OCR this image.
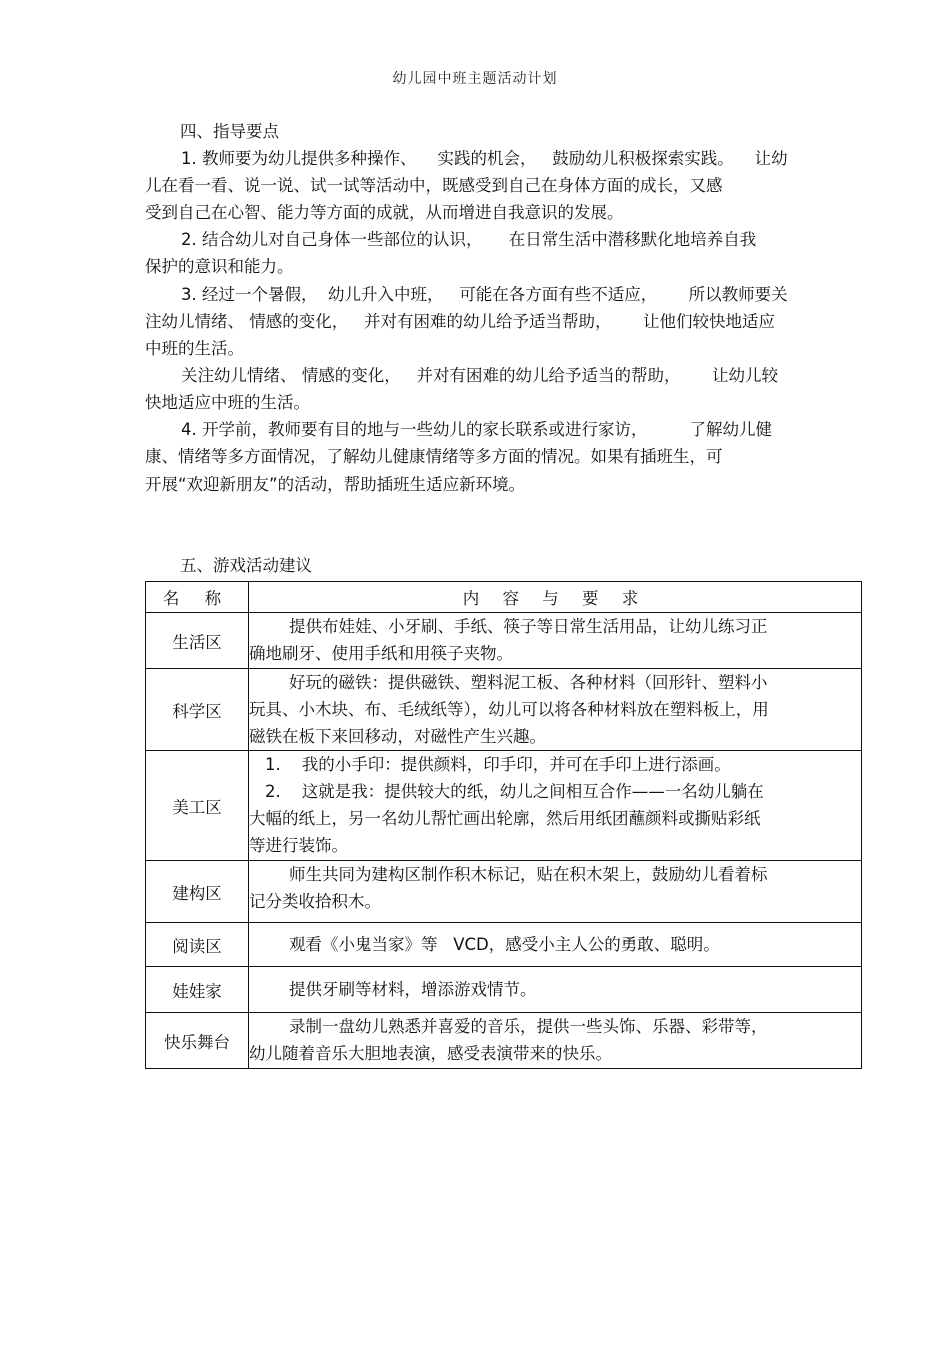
幼儿园中班主题活动计划
四、指导要点
1. 教师要为幼儿提供多种操作、    实践的机会，   鼓励幼儿积极探索实践。    让幼
儿在看一看、说一说、试一试等活动中，既感受到自己在身体方面的成长，又感
受到自己在心智、能力等方面的成就，从而增进自我意识的发展。
2. 结合幼儿对自己身体一些部位的认识，     在日常生活中潜移默化地培养自我
保护的意识和能力。
3. 经过一个暑假，  幼儿升入中班，   可能在各方面有些不适应，      所以教师要关
注幼儿情绪、 情感的变化，   并对有困难的幼儿给予适当帮助，      让他们较快地适应
中班的生活。
关注幼儿情绪、 情感的变化，   并对有困难的幼儿给予适当的帮助，      让幼儿较
快地适应中班的生活。
4. 开学前，教师要有目的地与一些幼儿的家长联系或进行家访，        了解幼儿健
康、情绪等多方面情况，了解幼儿健康情绪等多方面的情况。如果有插班生，可
开展“欢迎新朋友”的活动，帮助插班生适应新环境。
五、游戏活动建议
名 称	内 容 与 要 求
生活区	提供布娃娃、小牙刷、手纸、筷子等日常生活用品，让幼儿练习正
确地刷牙、使用手纸和用筷子夹物。

科学区	好玩的磁铁：提供磁铁、塑料泥工板、各种材料（回形针、塑料小
玩具、小木块、布、毛绒纸等），幼儿可以将各种材料放在塑料板上，用
磁铁在板下来回移动，对磁性产生兴趣。

美工区	1.    我的小手印：提供颜料，印手印，并可在手印上进行添画。
2.    这就是我：提供较大的纸，幼儿之间相互合作——一名幼儿躺在
大幅的纸上，另一名幼儿帮忙画出轮廓，然后用纸团蘸颜料或撕贴彩纸
等进行装饰。

建构区	师生共同为建构区制作积木标记，贴在积木架上，鼓励幼儿看着标
记分类收拾积木。

阅读区	观看《小鬼当家》等   VCD，感受小主人公的勇敢、聪明。

娃娃家	提供牙刷等材料，增添游戏情节。

快乐舞台	录制一盘幼儿熟悉并喜爱的音乐，提供一些头饰、乐器、彩带等，
幼儿随着音乐大胆地表演，感受表演带来的快乐。
